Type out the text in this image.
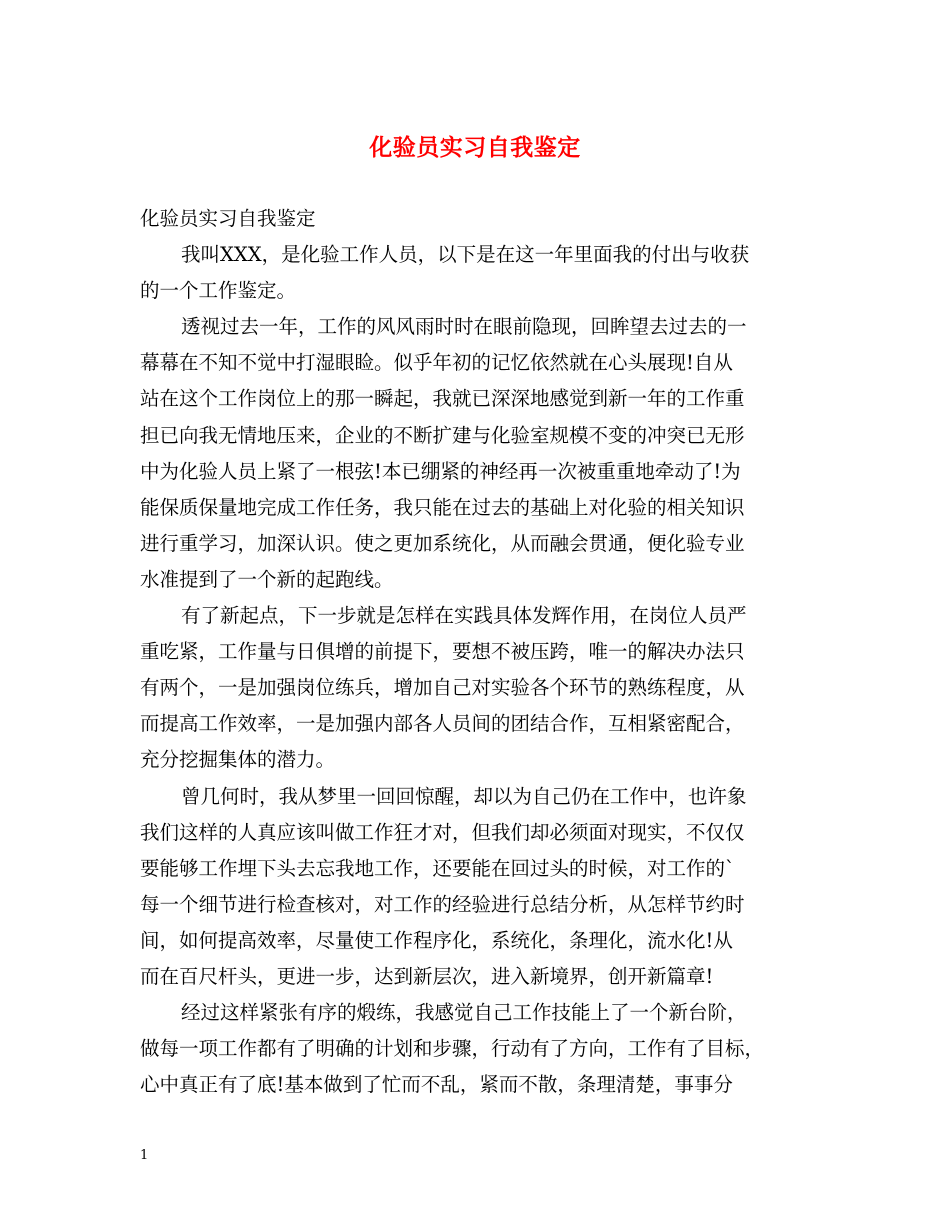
化验员实习自我鉴定

化验员实习自我鉴定

我叫XXX，是化验工作人员，以下是在这一年里面我的付出与收获

的一个工作鉴定。

透视过去一年，工作的风风雨时时在眼前隐现，回眸望去过去的一

幕幕在不知不觉中打湿眼睑。似乎年初的记忆依然就在心头展现!自从

站在这个工作岗位上的那一瞬起，我就已深深地感觉到新一年的工作重

担已向我无情地压来，企业的不断扩建与化验室规模不变的冲突已无形

中为化验人员上紧了一根弦!本已绷紧的神经再一次被重重地牵动了!为

能保质保量地完成工作任务，我只能在过去的基础上对化验的相关知识

进行重学习，加深认识。使之更加系统化，从而融会贯通，便化验专业

水准提到了一个新的起跑线。

有了新起点，下一步就是怎样在实践具体发辉作用，在岗位人员严

重吃紧，工作量与日俱增的前提下，要想不被压跨，唯一的解决办法只

有两个，一是加强岗位练兵，增加自己对实验各个环节的熟练程度，从

而提高工作效率，一是加强内部各人员间的团结合作，互相紧密配合，

充分挖掘集体的潜力。

曾几何时，我从梦里一回回惊醒，却以为自己仍在工作中，也许象

我们这样的人真应该叫做工作狂才对，但我们却必须面对现实，不仅仅

要能够工作埋下头去忘我地工作，还要能在回过头的时候，对工作的`

每一个细节进行检查核对，对工作的经验进行总结分析，从怎样节约时

间，如何提高效率，尽量使工作程序化，系统化，条理化，流水化!从

而在百尺杆头，更进一步，达到新层次，进入新境界，创开新篇章!

经过这样紧张有序的煅练，我感觉自己工作技能上了一个新台阶，

做每一项工作都有了明确的计划和步骤，行动有了方向，工作有了目标，

心中真正有了底!基本做到了忙而不乱，紧而不散，条理清楚，事事分

1
